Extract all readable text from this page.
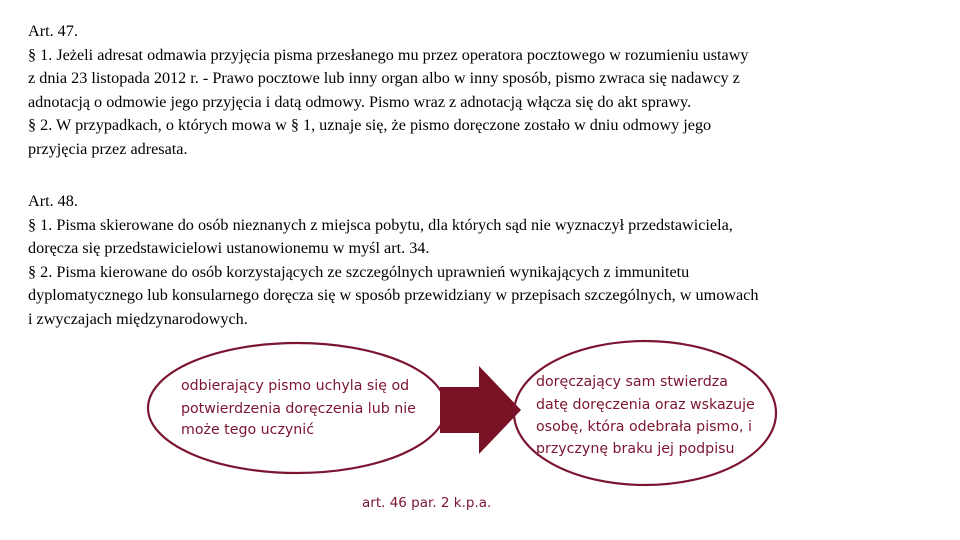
Art. 47.
§ 1. Jeżeli adresat odmawia przyjęcia pisma przesłanego mu przez operatora pocztowego w rozumieniu ustawy
z dnia 23 listopada 2012 r. - Prawo pocztowe lub inny organ albo w inny sposób, pismo zwraca się nadawcy z
adnotacją o odmowie jego przyjęcia i datą odmowy. Pismo wraz z adnotacją włącza się do akt sprawy.
§ 2. W przypadkach, o których mowa w § 1, uznaje się, że pismo doręczone zostało w dniu odmowy jego
przyjęcia przez adresata.
Art. 48.
§ 1. Pisma skierowane do osób nieznanych z miejsca pobytu, dla których sąd nie wyznaczył przedstawiciela,
doręcza się przedstawicielowi ustanowionemu w myśl art. 34.
§ 2. Pisma kierowane do osób korzystających ze szczególnych uprawnień wynikających z immunitetu
dyplomatycznego lub konsularnego doręcza się w sposób przewidziany w przepisach szczególnych, w umowach
i zwyczajach międzynarodowych.
odbierający pismo uchyla się od
potwierdzenia doręczenia lub nie
może tego uczynić
doręczający sam stwierdza
datę doręczenia oraz wskazuje
osobę, która odebrała pismo, i
przyczynę braku jej podpisu
art. 46 par. 2 k.p.a.
